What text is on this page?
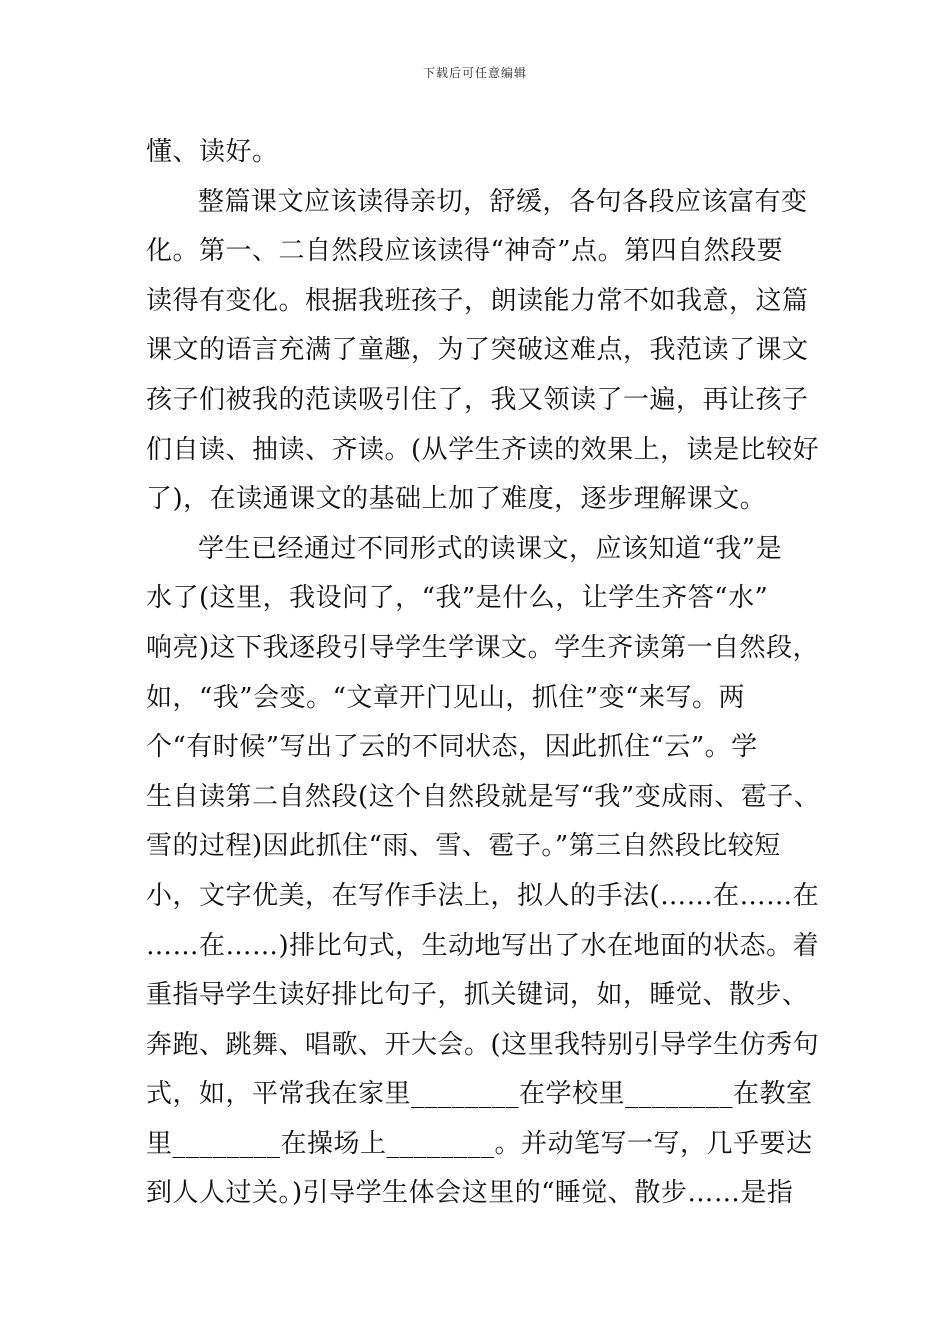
下载后可任意编辑
懂、读好。
整篇课文应该读得亲切，舒缓，各句各段应该富有变
化。第一、二自然段应该读得“神奇”点。第四自然段要
读得有变化。根据我班孩子，朗读能力常不如我意，这篇
课文的语言充满了童趣，为了突破这难点，我范读了课文
孩子们被我的范读吸引住了，我又领读了一遍，再让孩子
们自读、抽读、齐读。(从学生齐读的效果上，读是比较好
了)，在读通课文的基础上加了难度，逐步理解课文。
学生已经通过不同形式的读课文，应该知道“我”是
水了(这里，我设问了，“我”是什么，让学生齐答“水”
响亮)这下我逐段引导学生学课文。学生齐读第一自然段，
如，“我”会变。“文章开门见山，抓住”变“来写。两
个“有时候”写出了云的不同状态，因此抓住“云”。学
生自读第二自然段(这个自然段就是写“我”变成雨、雹子、
雪的过程)因此抓住“雨、雪、雹子。”第三自然段比较短
小，文字优美，在写作手法上，拟人的手法(……在……在
……在……)排比句式，生动地写出了水在地面的状态。着
重指导学生读好排比句子，抓关键词，如，睡觉、散步、
奔跑、跳舞、唱歌、开大会。(这里我特别引导学生仿秀句
式，如，平常我在家里________在学校里________在教室
里________在操场上________。并动笔写一写，几乎要达
到人人过关。)引导学生体会这里的“睡觉、散步……是指
